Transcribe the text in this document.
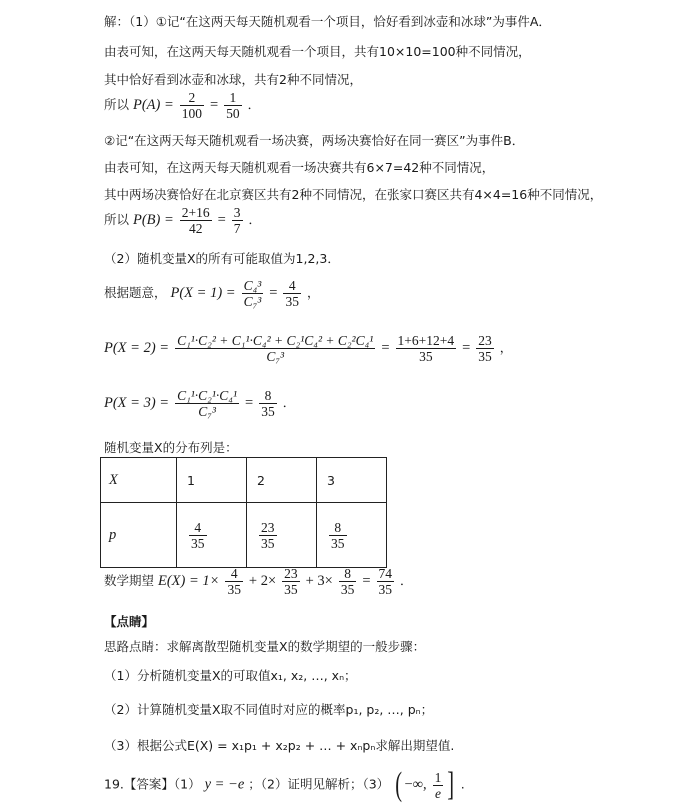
解：（1）①记“在这两天每天随机观看一个项目，恰好看到冰壶和冰球”为事件A．
由表可知，在这两天每天随机观看一个项目，共有10×10=100种不同情况，
其中恰好看到冰壶和冰球，共有2种不同情况，
所以 $P(A) = \frac{2}{100} = \frac{1}{50}$ ．
②记“在这两天每天随机观看一场决赛，两场决赛恰好在同一赛区”为事件B．
由表可知，在这两天每天随机观看一场决赛共有6×7=42种不同情况，
其中两场决赛恰好在北京赛区共有2种不同情况，在张家口赛区共有4×4=16种不同情况，
所以 $P(B) = \frac{2+16}{42} = \frac{3}{7}$ ．
（2）随机变量X的所有可能取值为1,2,3．
根据题意， $P(X = 1) = \frac{\text{C₄³}}{\text{C₇³}} = \frac{4}{35}$ ，
$P(X = 2) = \frac{\text{C₁¹·C₂² + C₁¹·C₄² + C₂¹C₄² + C₂²C₄¹}}{\text{C₇³}} = \frac{1+6+12+4}{35} = \frac{23}{35}$ ，
$P(X = 3) = \frac{\text{C₁¹·C₂¹·C₄¹}}{\text{C₇³}} = \frac{8}{35}$ ．
随机变量X的分布列是：
X	1	2	3
p	$\frac{4}{35}$	$\frac{23}{35}$	$\frac{8}{35}$
数学期望 $E(X) = 1\times \frac{4}{35} + 2\times \frac{23}{35} + 3\times \frac{8}{35} = \frac{74}{35}$ ．
【点睛】
思路点睛：求解离散型随机变量X的数学期望的一般步骤：
（1）分析随机变量X的可取值x₁, x₂, …, xₙ；
（2）计算随机变量X取不同值时对应的概率p₁, p₂, …, pₙ；
（3）根据公式E(X) = x₁p₁ + x₂p₂ + … + xₙpₙ求解出期望值.
19.【答案】（1） y = −e ；（2）证明见解析；（3） ( −∞, $\frac{1}{e}$ ] .
